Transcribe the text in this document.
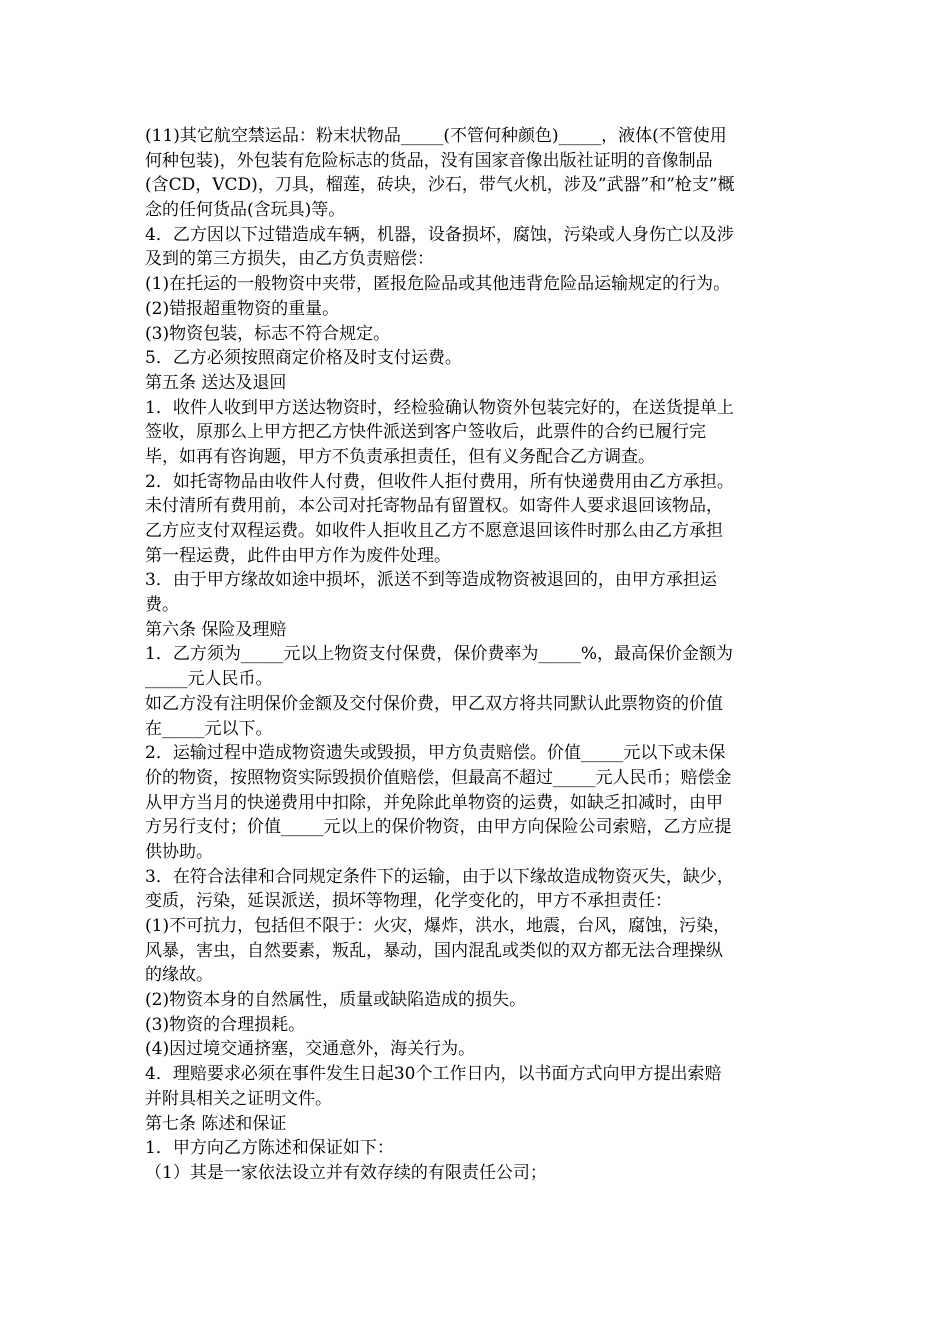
(11)其它航空禁运品：粉末状物品_____(不管何种颜色)_____，液体(不管使用
何种包装)，外包装有危险标志的货品，没有国家音像出版社证明的音像制品
(含CD，VCD)，刀具，榴莲，砖块，沙石，带气火机，涉及”武器”和”枪支”概
念的任何货品(含玩具)等。
4．乙方因以下过错造成车辆，机器，设备损坏，腐蚀，污染或人身伤亡以及涉
及到的第三方损失，由乙方负责赔偿：
(1)在托运的一般物资中夹带，匿报危险品或其他违背危险品运输规定的行为。
(2)错报超重物资的重量。
(3)物资包装，标志不符合规定。
5．乙方必须按照商定价格及时支付运费。
第五条 送达及退回
1．收件人收到甲方送达物资时，经检验确认物资外包装完好的，在送货提单上
签收，原那么上甲方把乙方快件派送到客户签收后，此票件的合约已履行完
毕，如再有咨询题，甲方不负责承担责任，但有义务配合乙方调查。
2．如托寄物品由收件人付费，但收件人拒付费用，所有快递费用由乙方承担。
未付清所有费用前，本公司对托寄物品有留置权。如寄件人要求退回该物品，
乙方应支付双程运费。如收件人拒收且乙方不愿意退回该件时那么由乙方承担
第一程运费，此件由甲方作为废件处理。
3．由于甲方缘故如途中损坏，派送不到等造成物资被退回的，由甲方承担运
费。
第六条 保险及理赔
1．乙方须为_____元以上物资支付保费，保价费率为_____%，最高保价金额为
_____元人民币。
如乙方没有注明保价金额及交付保价费，甲乙双方将共同默认此票物资的价值
在_____元以下。
2．运输过程中造成物资遗失或毁损，甲方负责赔偿。价值_____元以下或未保
价的物资，按照物资实际毁损价值赔偿，但最高不超过_____元人民币；赔偿金
从甲方当月的快递费用中扣除，并免除此单物资的运费，如缺乏扣减时，由甲
方另行支付；价值_____元以上的保价物资，由甲方向保险公司索赔，乙方应提
供协助。
3．在符合法律和合同规定条件下的运输，由于以下缘故造成物资灭失，缺少，
变质，污染，延误派送，损坏等物理，化学变化的，甲方不承担责任：
(1)不可抗力，包括但不限于：火灾，爆炸，洪水，地震，台风，腐蚀，污染，
风暴，害虫，自然要素，叛乱，暴动，国内混乱或类似的双方都无法合理操纵
的缘故。
(2)物资本身的自然属性，质量或缺陷造成的损失。
(3)物资的合理损耗。
(4)因过境交通挤塞，交通意外，海关行为。
4．理赔要求必须在事件发生日起30个工作日内，以书面方式向甲方提出索赔
并附具相关之证明文件。
第七条 陈述和保证
1．甲方向乙方陈述和保证如下：
（1）其是一家依法设立并有效存续的有限责任公司；
